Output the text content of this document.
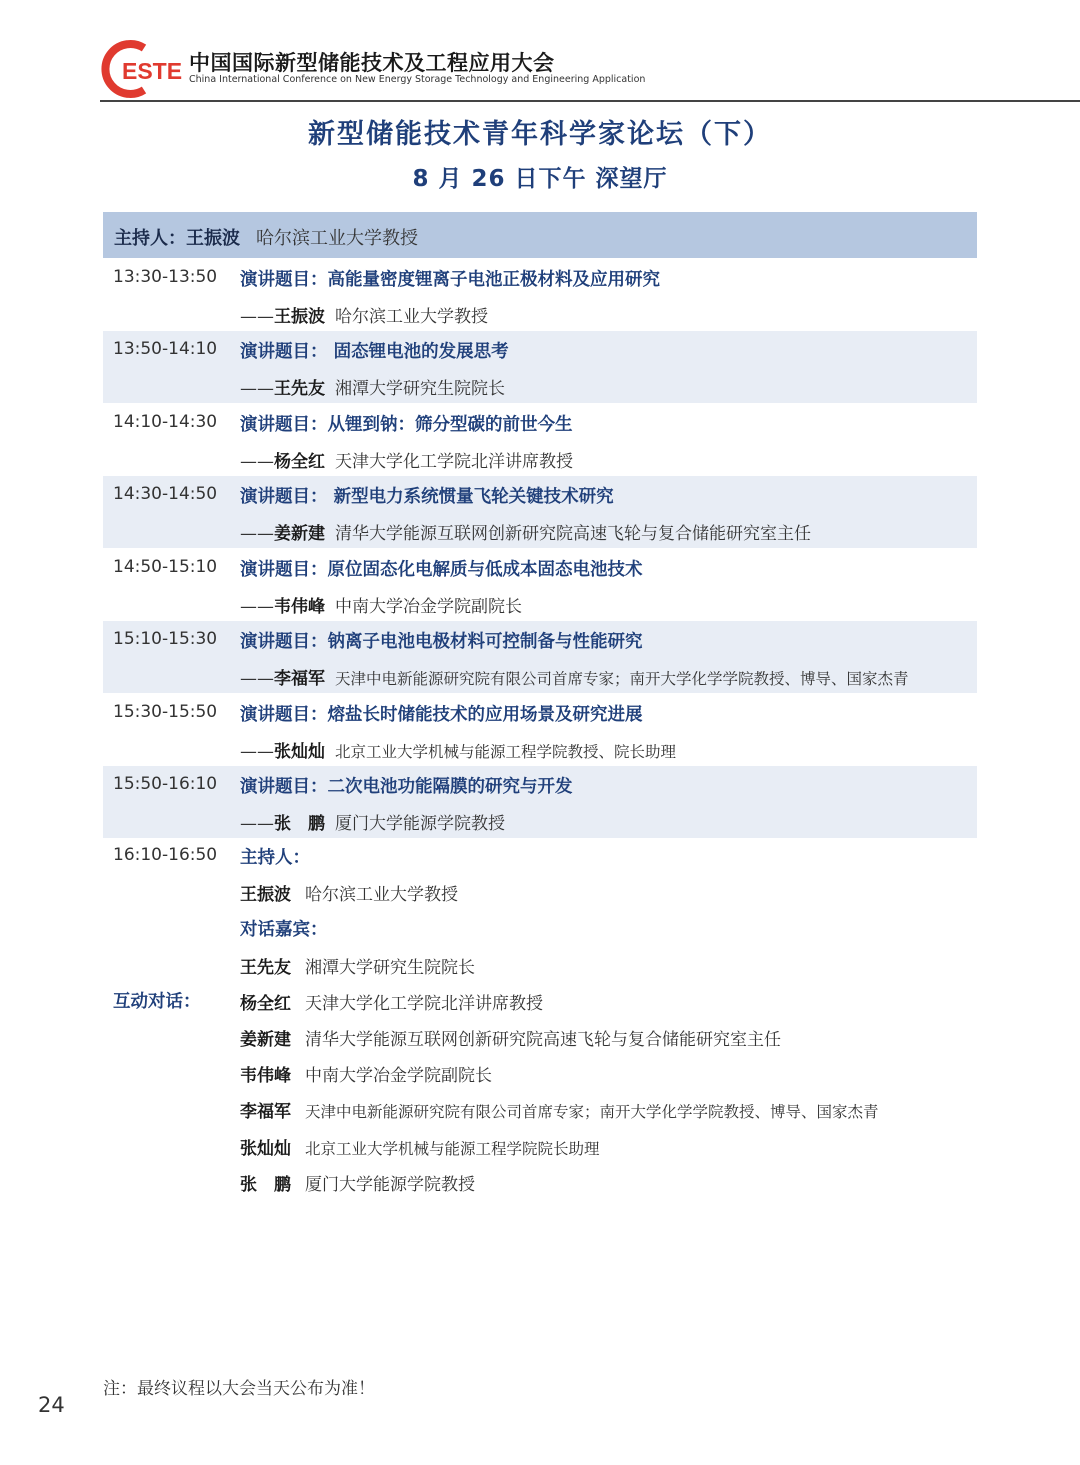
ESTE 中国国际新型储能技术及工程应用大会
China International Conference on New Energy Storage Technology and Engineering Application
新型储能技术青年科学家论坛（下）
8 月 26 日下午 深望厅
主持人：王振波 哈尔滨工业大学教授
13:30-13:50 演讲题目：高能量密度锂离子电池正极材料及应用研究
——王振波 哈尔滨工业大学教授
13:50-14:10 演讲题目： 固态锂电池的发展思考
——王先友 湘潭大学研究生院院长
14:10-14:30 演讲题目：从锂到钠：筛分型碳的前世今生
——杨全红 天津大学化工学院北洋讲席教授
14:30-14:50 演讲题目： 新型电力系统惯量飞轮关键技术研究
——姜新建 清华大学能源互联网创新研究院高速飞轮与复合储能研究室主任
14:50-15:10 演讲题目：原位固态化电解质与低成本固态电池技术
——韦伟峰 中南大学冶金学院副院长
15:10-15:30 演讲题目：钠离子电池电极材料可控制备与性能研究
——李福军 天津中电新能源研究院有限公司首席专家；南开大学化学学院教授、博导、国家杰青
15:30-15:50 演讲题目：熔盐长时储能技术的应用场景及研究进展
——张灿灿 北京工业大学机械与能源工程学院教授、院长助理
15:50-16:10 演讲题目：二次电池功能隔膜的研究与开发
——张　鹏 厦门大学能源学院教授
16:10-16:50
互动对话：
主持人：
王振波 哈尔滨工业大学教授
对话嘉宾：
王先友 湘潭大学研究生院院长
杨全红 天津大学化工学院北洋讲席教授
姜新建 清华大学能源互联网创新研究院高速飞轮与复合储能研究室主任
韦伟峰 中南大学冶金学院副院长
李福军 天津中电新能源研究院有限公司首席专家；南开大学化学学院教授、博导、国家杰青
张灿灿 北京工业大学机械与能源工程学院院长助理
张　鹏 厦门大学能源学院教授
注：最终议程以大会当天公布为准！
24
